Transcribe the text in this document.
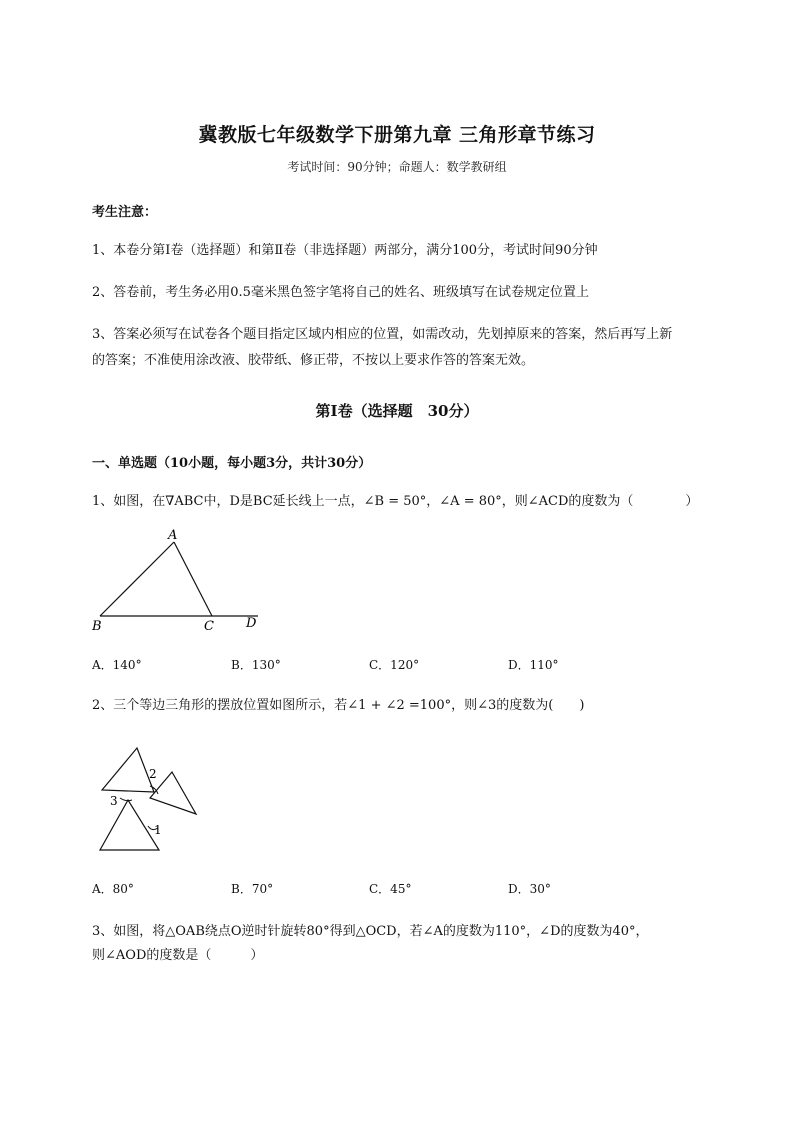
冀教版七年级数学下册第九章 三角形章节练习
考试时间：90分钟；命题人：数学教研组
考生注意：
1、本卷分第Ⅰ卷（选择题）和第Ⅱ卷（非选择题）两部分，满分100分，考试时间90分钟
2、答卷前，考生务必用0.5毫米黑色签字笔将自己的姓名、班级填写在试卷规定位置上
3、答案必须写在试卷各个题目指定区域内相应的位置，如需改动，先划掉原来的答案，然后再写上新
的答案；不准使用涂改液、胶带纸、修正带，不按以上要求作答的答案无效。
第Ⅰ卷（选择题　30分）
一、单选题（10小题，每小题3分，共计30分）
1、如图，在∇ABC中，D是BC延长线上一点，∠B = 50°，∠A = 80°，则∠ACD的度数为（　　　　）
A
B	C D
A．140°	B．130°	C．120°	D．110°
2、三个等边三角形的摆放位置如图所示，若∠1 + ∠2 =100°，则∠3的度数为(　　)
1
2
3
A．80°	B．70°	C．45°	D．30°
3、如图，将△OAB绕点O逆时针旋转80°得到△OCD，若∠A的度数为110°，∠D的度数为40°，
则∠AOD的度数是（　　　）
